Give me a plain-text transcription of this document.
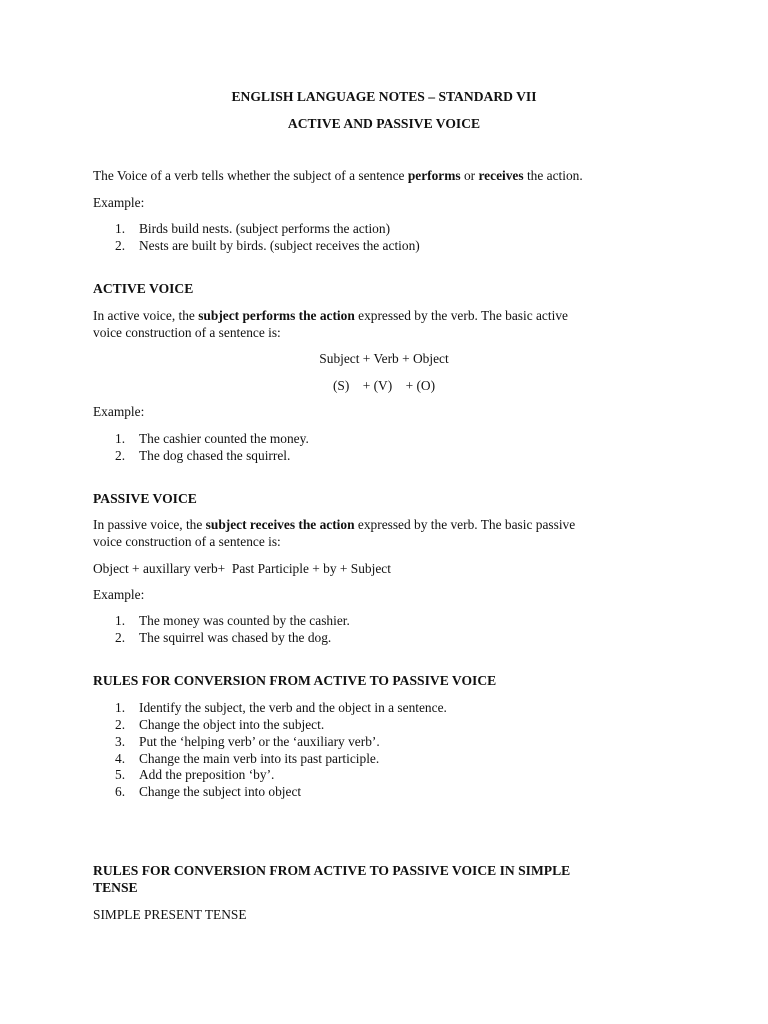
ENGLISH LANGUAGE NOTES – STANDARD VII
ACTIVE AND PASSIVE VOICE
The Voice of a verb tells whether the subject of a sentence performs or receives the action.
Example:
1. Birds build nests. (subject performs the action)
2. Nests are built by birds. (subject receives the action)
ACTIVE VOICE
In active voice, the subject performs the action expressed by the verb. The basic active
voice construction of a sentence is:
Subject + Verb + Object
(S)    + (V)    + (O)
Example:
1. The cashier counted the money.
2. The dog chased the squirrel.
PASSIVE VOICE
In passive voice, the subject receives the action expressed by the verb. The basic passive
voice construction of a sentence is:
Object + auxillary verb+  Past Participle + by + Subject
Example:
1. The money was counted by the cashier.
2. The squirrel was chased by the dog.
RULES FOR CONVERSION FROM ACTIVE TO PASSIVE VOICE
1. Identify the subject, the verb and the object in a sentence.
2. Change the object into the subject.
3. Put the ‘helping verb’ or the ‘auxiliary verb’.
4. Change the main verb into its past participle.
5. Add the preposition ‘by’.
6. Change the subject into object
RULES FOR CONVERSION FROM ACTIVE TO PASSIVE VOICE IN SIMPLE
TENSE
SIMPLE PRESENT TENSE
